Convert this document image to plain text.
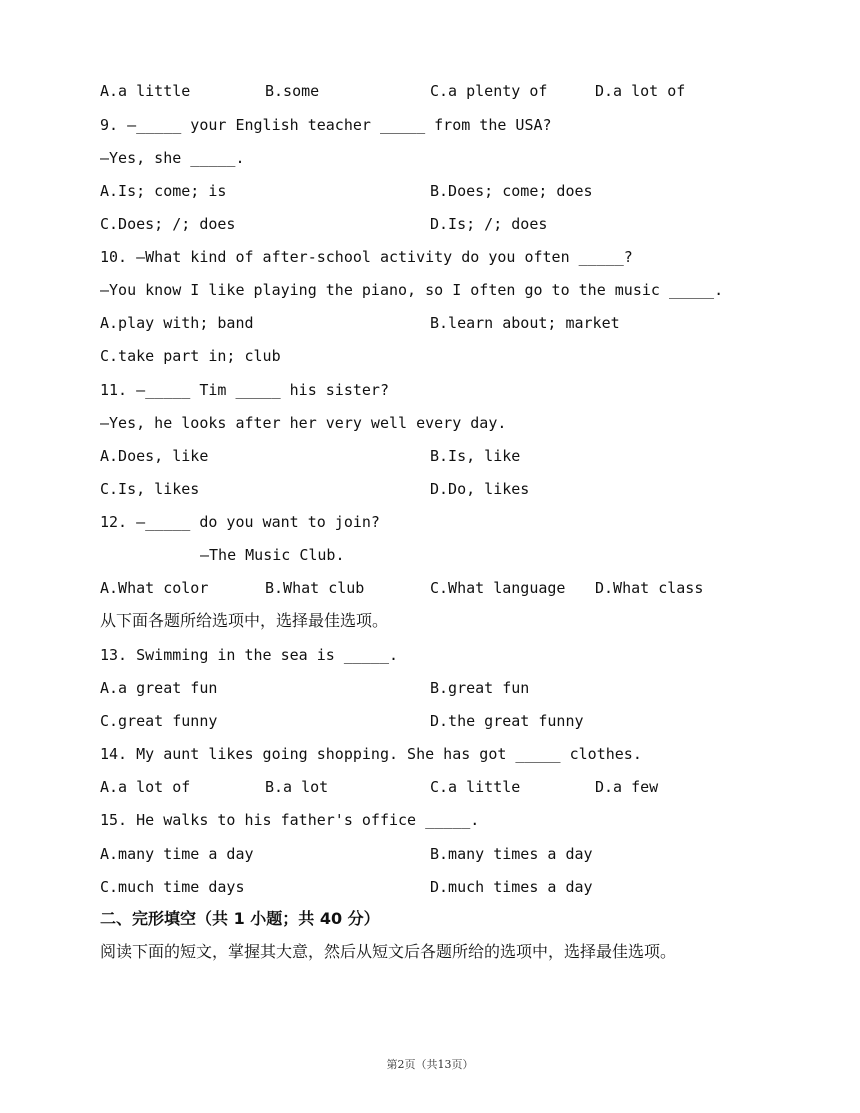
A.a little	B.some	C.a plenty of	D.a lot of
9. —_____ your English teacher _____ from the USA?
—Yes, she _____.
A.Is; come; is	B.Does; come; does
C.Does; /; does	D.Is; /; does
10. —What kind of after-school activity do you often _____?
—You know I like playing the piano, so I often go to the music _____.
A.play with; band	B.learn about; market
C.take part in; club
11. —_____ Tim _____ his sister?
—Yes, he looks after her very well every day.
A.Does, like	B.Is, like
C.Is, likes	D.Do, likes
12. —_____ do you want to join?
—The Music Club.
A.What color	B.What club	C.What language D.What class
从下面各题所给选项中，选择最佳选项。
13. Swimming in the sea is _____.
A.a great fun	B.great fun
C.great funny	D.the great funny
14. My aunt likes going shopping. She has got _____ clothes.
A.a lot of	B.a lot	C.a little	D.a few
15. He walks to his father's office _____.
A.many time a day	B.many times a day
C.much time days	D.much times a day
二、完形填空（共 1 小题；共 40 分）
阅读下面的短文，掌握其大意，然后从短文后各题所给的选项中，选择最佳选项。
第2页（共13页）
